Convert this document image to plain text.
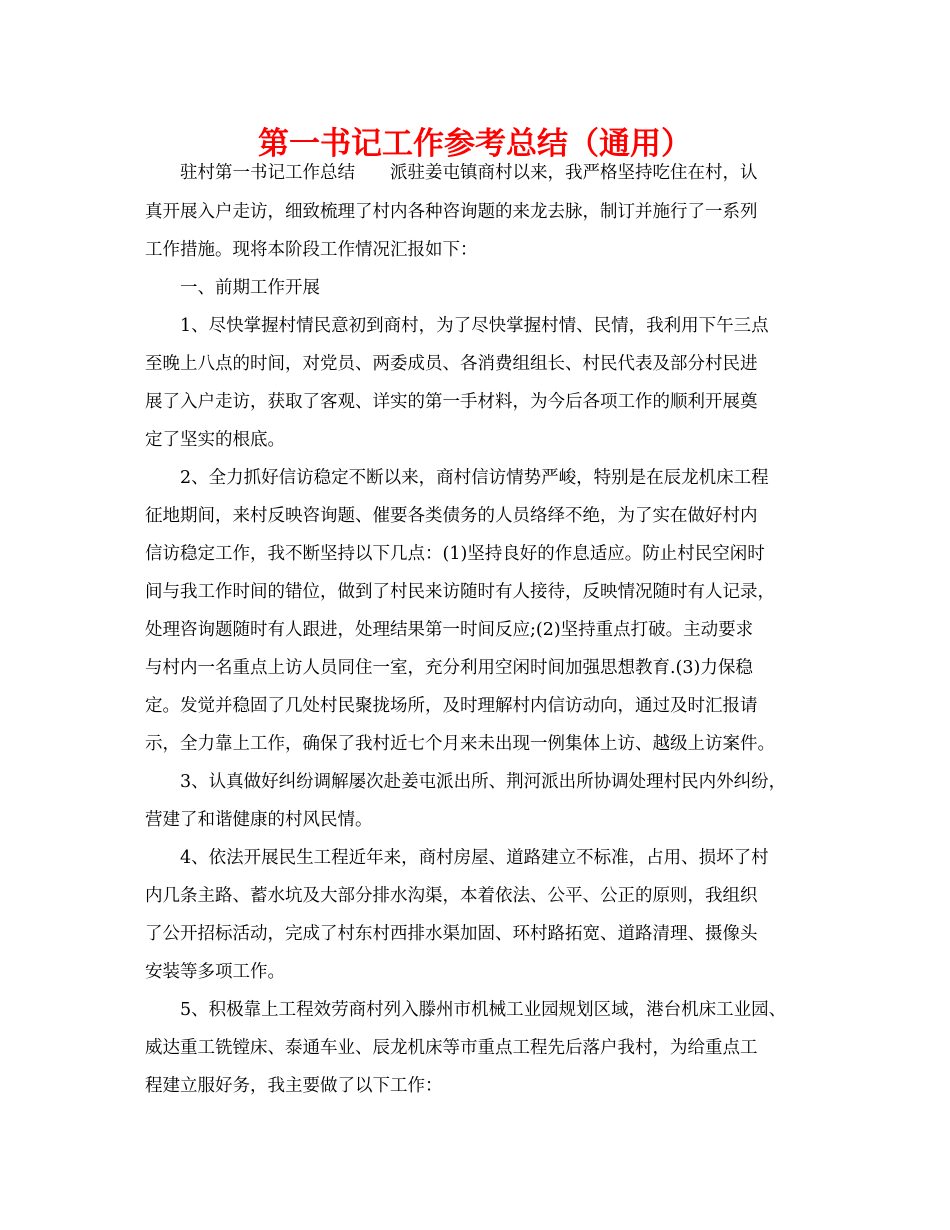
第一书记工作参考总结（通用）
驻村第一书记工作总结　　派驻姜屯镇商村以来，我严格坚持吃住在村，认
真开展入户走访，细致梳理了村内各种咨询题的来龙去脉，制订并施行了一系列
工作措施。现将本阶段工作情况汇报如下：
一、前期工作开展
1、尽快掌握村情民意初到商村，为了尽快掌握村情、民情，我利用下午三点
至晚上八点的时间，对党员、两委成员、各消费组组长、村民代表及部分村民进
展了入户走访，获取了客观、详实的第一手材料，为今后各项工作的顺利开展奠
定了坚实的根底。
2、全力抓好信访稳定不断以来，商村信访情势严峻，特别是在辰龙机床工程
征地期间，来村反映咨询题、催要各类债务的人员络绎不绝，为了实在做好村内
信访稳定工作，我不断坚持以下几点：(1)坚持良好的作息适应。防止村民空闲时
间与我工作时间的错位，做到了村民来访随时有人接待，反映情况随时有人记录，
处理咨询题随时有人跟进，处理结果第一时间反应;(2)坚持重点打破。主动要求
与村内一名重点上访人员同住一室，充分利用空闲时间加强思想教育.(3)力保稳
定。发觉并稳固了几处村民聚拢场所，及时理解村内信访动向，通过及时汇报请
示，全力靠上工作，确保了我村近七个月来未出现一例集体上访、越级上访案件。
3、认真做好纠纷调解屡次赴姜屯派出所、荆河派出所协调处理村民内外纠纷，
营建了和谐健康的村风民情。
4、依法开展民生工程近年来，商村房屋、道路建立不标准，占用、损坏了村
内几条主路、蓄水坑及大部分排水沟渠，本着依法、公平、公正的原则，我组织
了公开招标活动，完成了村东村西排水渠加固、环村路拓宽、道路清理、摄像头
安装等多项工作。
5、积极靠上工程效劳商村列入滕州市机械工业园规划区域，港台机床工业园、
威达重工铣镗床、泰通车业、辰龙机床等市重点工程先后落户我村，为给重点工
程建立服好务，我主要做了以下工作：
